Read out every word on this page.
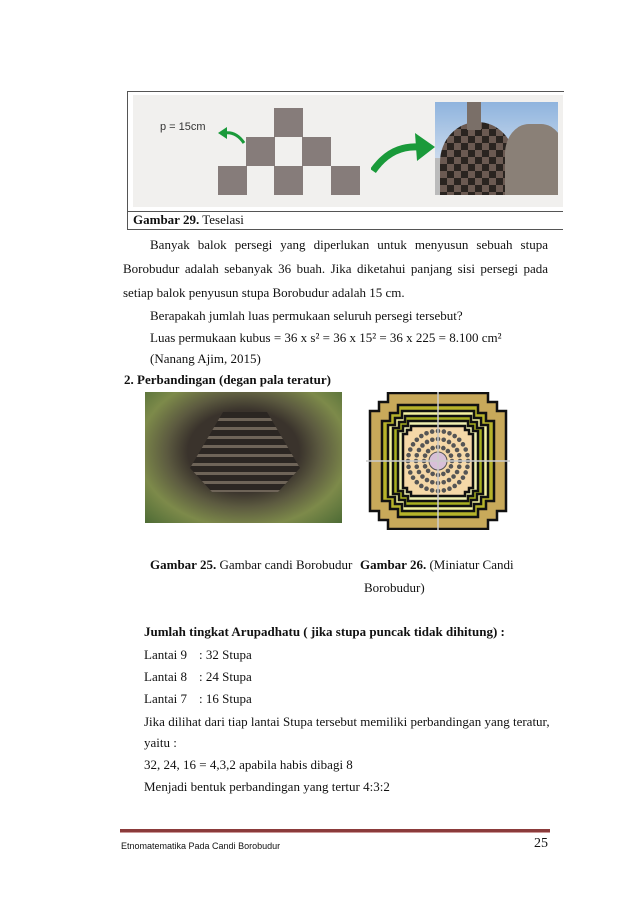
p = 15cm
Gambar 29. Teselasi
Banyak balok persegi yang diperlukan untuk menyusun sebuah stupa
Borobudur adalah sebanyak 36 buah. Jika diketahui panjang sisi persegi pada
setiap balok penyusun stupa Borobudur adalah 15 cm.
Berapakah jumlah luas permukaan seluruh persegi tersebut?
Luas permukaan kubus = 36 x s² = 36 x 15² = 36 x 225 = 8.100 cm²
(Nanang Ajim, 2015)
2. Perbandingan (degan pala teratur)
Gambar 25. Gambar candi Borobudur Gambar 26. (Miniatur Candi
Borobudur)
Jumlah tingkat Arupadhatu ( jika stupa puncak tidak dihitung) :
Lantai 9 : 32 Stupa
Lantai 8 : 24 Stupa
Lantai 7 : 16 Stupa
Jika dilihat dari tiap lantai Stupa tersebut memiliki perbandingan yang teratur,
yaitu :
32, 24, 16 = 4,3,2 apabila habis dibagi 8
Menjadi bentuk perbandingan yang tertur 4:3:2
Etnomatematika Pada Candi Borobudur	25
